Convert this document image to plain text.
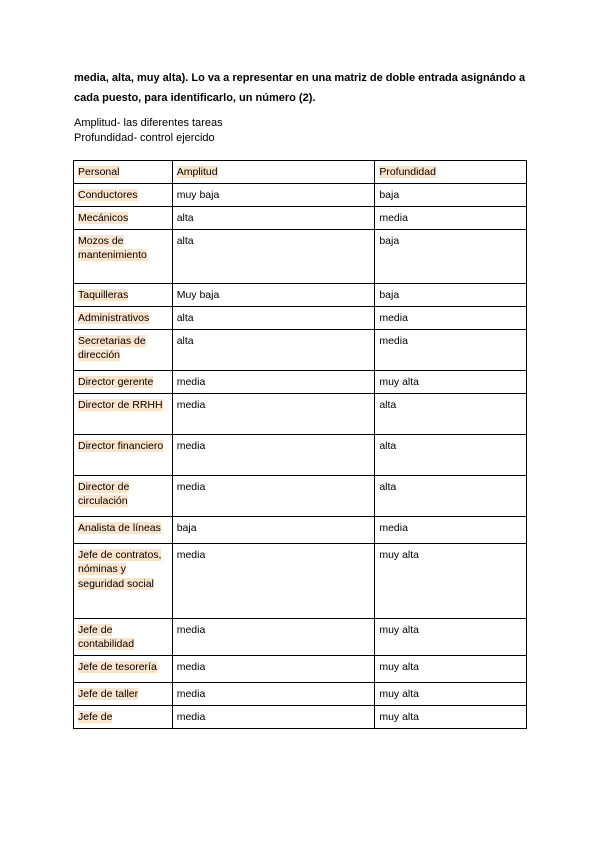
media, alta, muy alta). Lo va a representar en una matriz de doble entrada asignándo a cada puesto, para identificarlo, un número (2).

Amplitud- las diferentes tareas

Profundidad- control ejercido

Personal	Amplitud	Profundidad
Conductores	muy baja	baja
Mecánicos	alta	media
Mozos de mantenimiento	alta	baja
Taquilleras	Muy baja	baja
Administrativos	alta	media
Secretarias de dirección	alta	media
Director gerente	media	muy alta
Director de RRHH	media	alta
Director financiero	media	alta
Director de circulación	media	alta
Analista de líneas	baja	media
Jefe de contratos, nóminas y seguridad social	media	muy alta
Jefe de contabilidad	media	muy alta
Jefe de tesorería	media	muy alta
Jefe de taller	media	muy alta
Jefe de	media	muy alta
